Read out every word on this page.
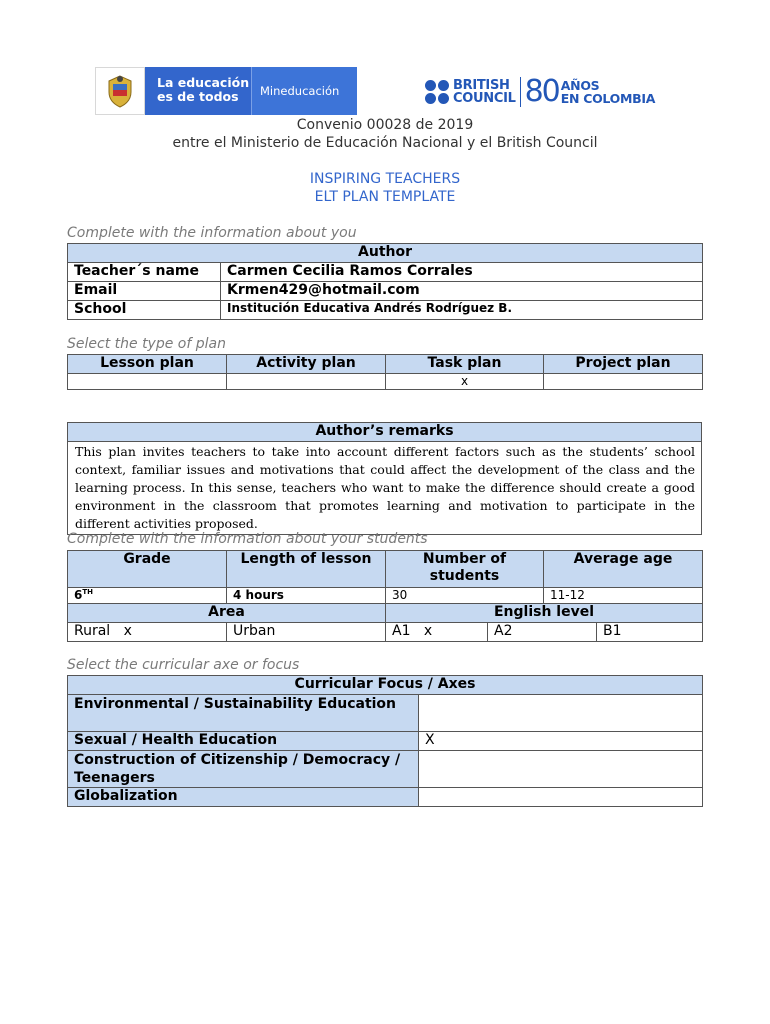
La educación
es de todos	Mineducación	BRITISH
COUNCIL 80 AÑOS
EN COLOMBIA
Convenio 00028 de 2019
entre el Ministerio de Educación Nacional y el British Council
INSPIRING TEACHERS
ELT PLAN TEMPLATE
Complete with the information about you
Author	
Teacher´s name	Carmen Cecilia Ramos Corrales
Email	Krmen429@hotmail.com
School	Institución Educativa Andrés Rodríguez B.
Select the type of plan
Lesson plan	Activity plan	Task plan	Project plan
		x	
Author’s remarks
This plan invites teachers to take into account different factors such as the students’ school context, familiar issues and motivations that could affect the development of the class and the learning process. In this sense, teachers who want to make the difference should create a good environment in the classroom that promotes learning and motivation to participate in the different activities proposed.
Complete with the information about your students
Grade	Length of lesson	Number of students		Average age	
6TH	4 hours	30		11-12	
Area		English level			
Rural x	Urban	A1 x	A2		B1
Select the curricular axe or focus
Curricular Focus / Axes	
Environmental / Sustainability Education	
Sexual / Health Education	X
Construction of Citizenship / Democracy / Teenagers	
Globalization	
